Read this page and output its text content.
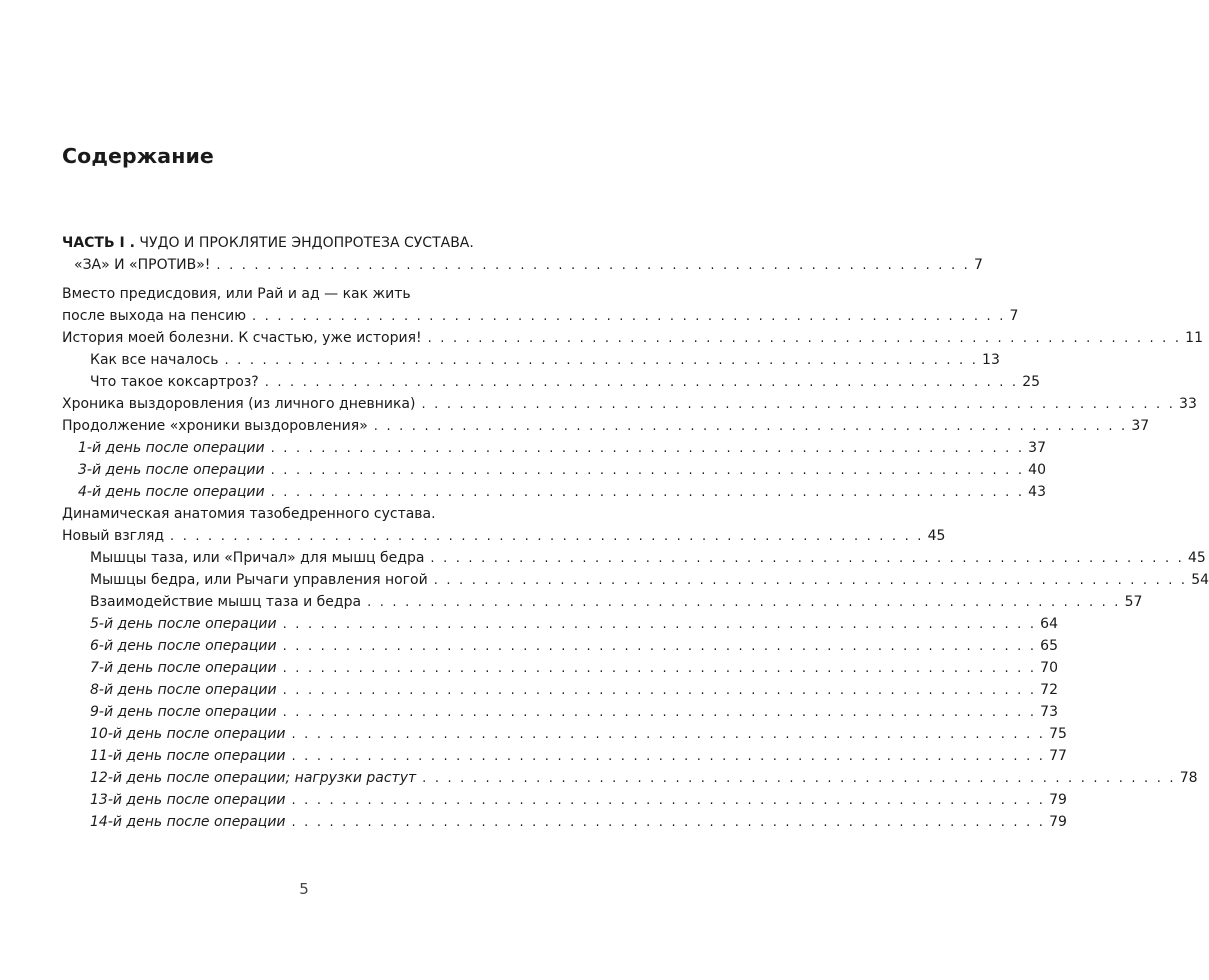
Содержание
ЧАСТЬ I . ЧУДО И ПРОКЛЯТИЕ ЭНДОПРОТЕЗА СУСТАВА.
«ЗА» И «ПРОТИВ»! . . . . . . . . . . . . . . . . . . . . . . . . . . . . . . . . . . . . . . . . . . . . . . . . . . . . . . . . . . . . 7
Вместо предисдовия, или Рай и ад — как жить
после выхода на пенсию . . . . . . . . . . . . . . . . . . . . . . . . . . . . . . . . . . . . . . . . . . . . . . . . . . . . . . . . . . . . 7
История моей болезни. К счастью, уже история! . . . . . . . . . . . . . . . . . . . . . . . . . . . . . . . . . . . . . . . . . . . . . . . . . . . . . . . . . . . . 11
Как все началось . . . . . . . . . . . . . . . . . . . . . . . . . . . . . . . . . . . . . . . . . . . . . . . . . . . . . . . . . . . . 13
Что такое коксартроз? . . . . . . . . . . . . . . . . . . . . . . . . . . . . . . . . . . . . . . . . . . . . . . . . . . . . . . . . . . . . 25
Хроника выздоровления (из личного дневника) . . . . . . . . . . . . . . . . . . . . . . . . . . . . . . . . . . . . . . . . . . . . . . . . . . . . . . . . . . . . 33
Продолжение «хроники выздоровления» . . . . . . . . . . . . . . . . . . . . . . . . . . . . . . . . . . . . . . . . . . . . . . . . . . . . . . . . . . . . 37
1-й день после операции . . . . . . . . . . . . . . . . . . . . . . . . . . . . . . . . . . . . . . . . . . . . . . . . . . . . . . . . . . . . 37
3-й день после операции . . . . . . . . . . . . . . . . . . . . . . . . . . . . . . . . . . . . . . . . . . . . . . . . . . . . . . . . . . . . 40
4-й день после операции . . . . . . . . . . . . . . . . . . . . . . . . . . . . . . . . . . . . . . . . . . . . . . . . . . . . . . . . . . . . 43
Динамическая анатомия тазобедренного сустава.
Новый взгляд . . . . . . . . . . . . . . . . . . . . . . . . . . . . . . . . . . . . . . . . . . . . . . . . . . . . . . . . . . . . 45
Мышцы таза, или «Причал» для мышц бедра . . . . . . . . . . . . . . . . . . . . . . . . . . . . . . . . . . . . . . . . . . . . . . . . . . . . . . . . . . . . 45
Мышцы бедра, или Рычаги управления ногой . . . . . . . . . . . . . . . . . . . . . . . . . . . . . . . . . . . . . . . . . . . . . . . . . . . . . . . . . . . . 54
Взаимодействие мышц таза и бедра . . . . . . . . . . . . . . . . . . . . . . . . . . . . . . . . . . . . . . . . . . . . . . . . . . . . . . . . . . . . 57
5-й день после операции . . . . . . . . . . . . . . . . . . . . . . . . . . . . . . . . . . . . . . . . . . . . . . . . . . . . . . . . . . . . 64
6-й день после операции . . . . . . . . . . . . . . . . . . . . . . . . . . . . . . . . . . . . . . . . . . . . . . . . . . . . . . . . . . . . 65
7-й день после операции . . . . . . . . . . . . . . . . . . . . . . . . . . . . . . . . . . . . . . . . . . . . . . . . . . . . . . . . . . . . 70
8-й день после операции . . . . . . . . . . . . . . . . . . . . . . . . . . . . . . . . . . . . . . . . . . . . . . . . . . . . . . . . . . . . 72
9-й день после операции . . . . . . . . . . . . . . . . . . . . . . . . . . . . . . . . . . . . . . . . . . . . . . . . . . . . . . . . . . . . 73
10-й день после операции . . . . . . . . . . . . . . . . . . . . . . . . . . . . . . . . . . . . . . . . . . . . . . . . . . . . . . . . . . . . 75
11-й день после операции . . . . . . . . . . . . . . . . . . . . . . . . . . . . . . . . . . . . . . . . . . . . . . . . . . . . . . . . . . . . 77
12-й день после операции; нагрузки растут . . . . . . . . . . . . . . . . . . . . . . . . . . . . . . . . . . . . . . . . . . . . . . . . . . . . . . . . . . . . 78
13-й день после операции . . . . . . . . . . . . . . . . . . . . . . . . . . . . . . . . . . . . . . . . . . . . . . . . . . . . . . . . . . . . 79
14-й день после операции . . . . . . . . . . . . . . . . . . . . . . . . . . . . . . . . . . . . . . . . . . . . . . . . . . . . . . . . . . . . 79
5
